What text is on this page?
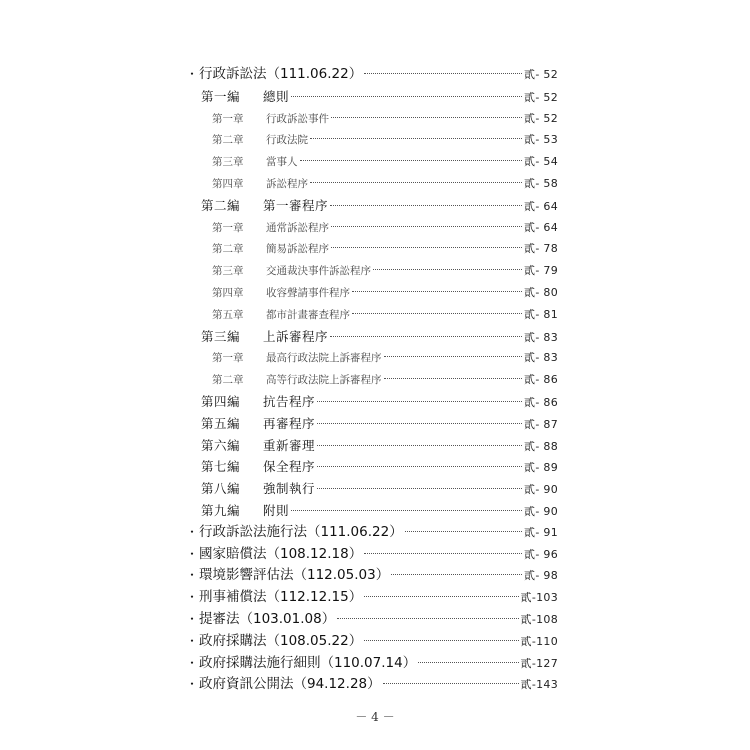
・ 行政訴訟法（111.06.22）	貳- 52
第一編 總則	貳- 52
第一章 行政訴訟事件	貳- 52
第二章 行政法院	貳- 53
第三章 當事人	貳- 54
第四章 訴訟程序	貳- 58
第二編 第一審程序	貳- 64
第一章 通常訴訟程序	貳- 64
第二章 簡易訴訟程序	貳- 78
第三章 交通裁決事件訴訟程序	貳- 79
第四章 收容聲請事件程序	貳- 80
第五章 都市計畫審查程序	貳- 81
第三編 上訴審程序	貳- 83
第一章 最高行政法院上訴審程序	貳- 83
第二章 高等行政法院上訴審程序	貳- 86
第四編 抗告程序	貳- 86
第五編 再審程序	貳- 87
第六編 重新審理	貳- 88
第七編 保全程序	貳- 89
第八編 強制執行	貳- 90
第九編 附則	貳- 90
・ 行政訴訟法施行法（111.06.22）	貳- 91
・ 國家賠償法（108.12.18）	貳- 96
・ 環境影響評估法（112.05.03）	貳- 98
・ 刑事補償法（112.12.15）	貳-103
・ 提審法（103.01.08）	貳-108
・ 政府採購法（108.05.22）	貳-110
・ 政府採購法施行細則（110.07.14）	貳-127
・ 政府資訊公開法（94.12.28）	貳-143
－ 4 －
